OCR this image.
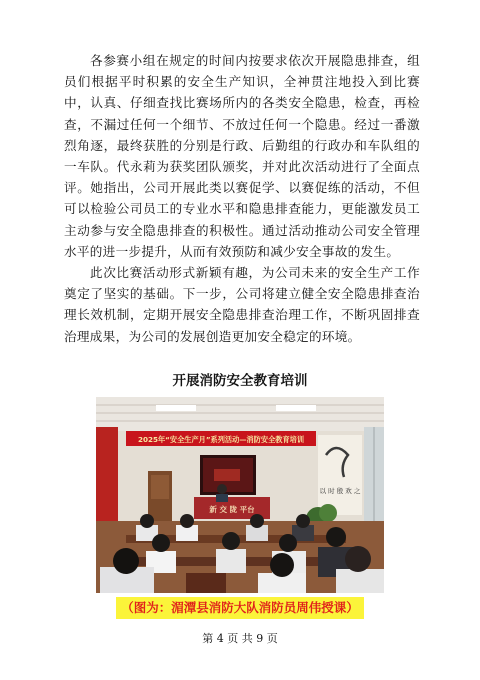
各参赛小组在规定的时间内按要求依次开展隐患排查，组员们根据平时积累的安全生产知识，全神贯注地投入到比赛中，认真、仔细查找比赛场所内的各类安全隐患，检查，再检查，不漏过任何一个细节、不放过任何一个隐患。经过一番激烈角逐，最终获胜的分别是行政、后勤组的行政办和车队组的一车队。代永莉为获奖团队颁奖，并对此次活动进行了全面点评。她指出，公司开展此类以赛促学、以赛促练的活动，不但可以检验公司员工的专业水平和隐患排查能力，更能激发员工主动参与安全隐患排查的积极性。通过活动推动公司安全管理水平的进一步提升，从而有效预防和减少安全事故的发生。

此次比赛活动形式新颖有趣，为公司未来的安全生产工作奠定了坚实的基础。下一步，公司将建立健全安全隐患排查治理长效机制，定期开展安全隐患排查治理工作，不断巩固排查治理成果，为公司的发展创造更加安全稳定的环境。

开展消防安全教育培训
2025年“安全生产月”系列活动—消防安全教育培训
以 时 殷 欢 之
新 交 陇 平台
（图为：湄潭县消防大队消防员周伟授课）
第 4 页 共 9 页
